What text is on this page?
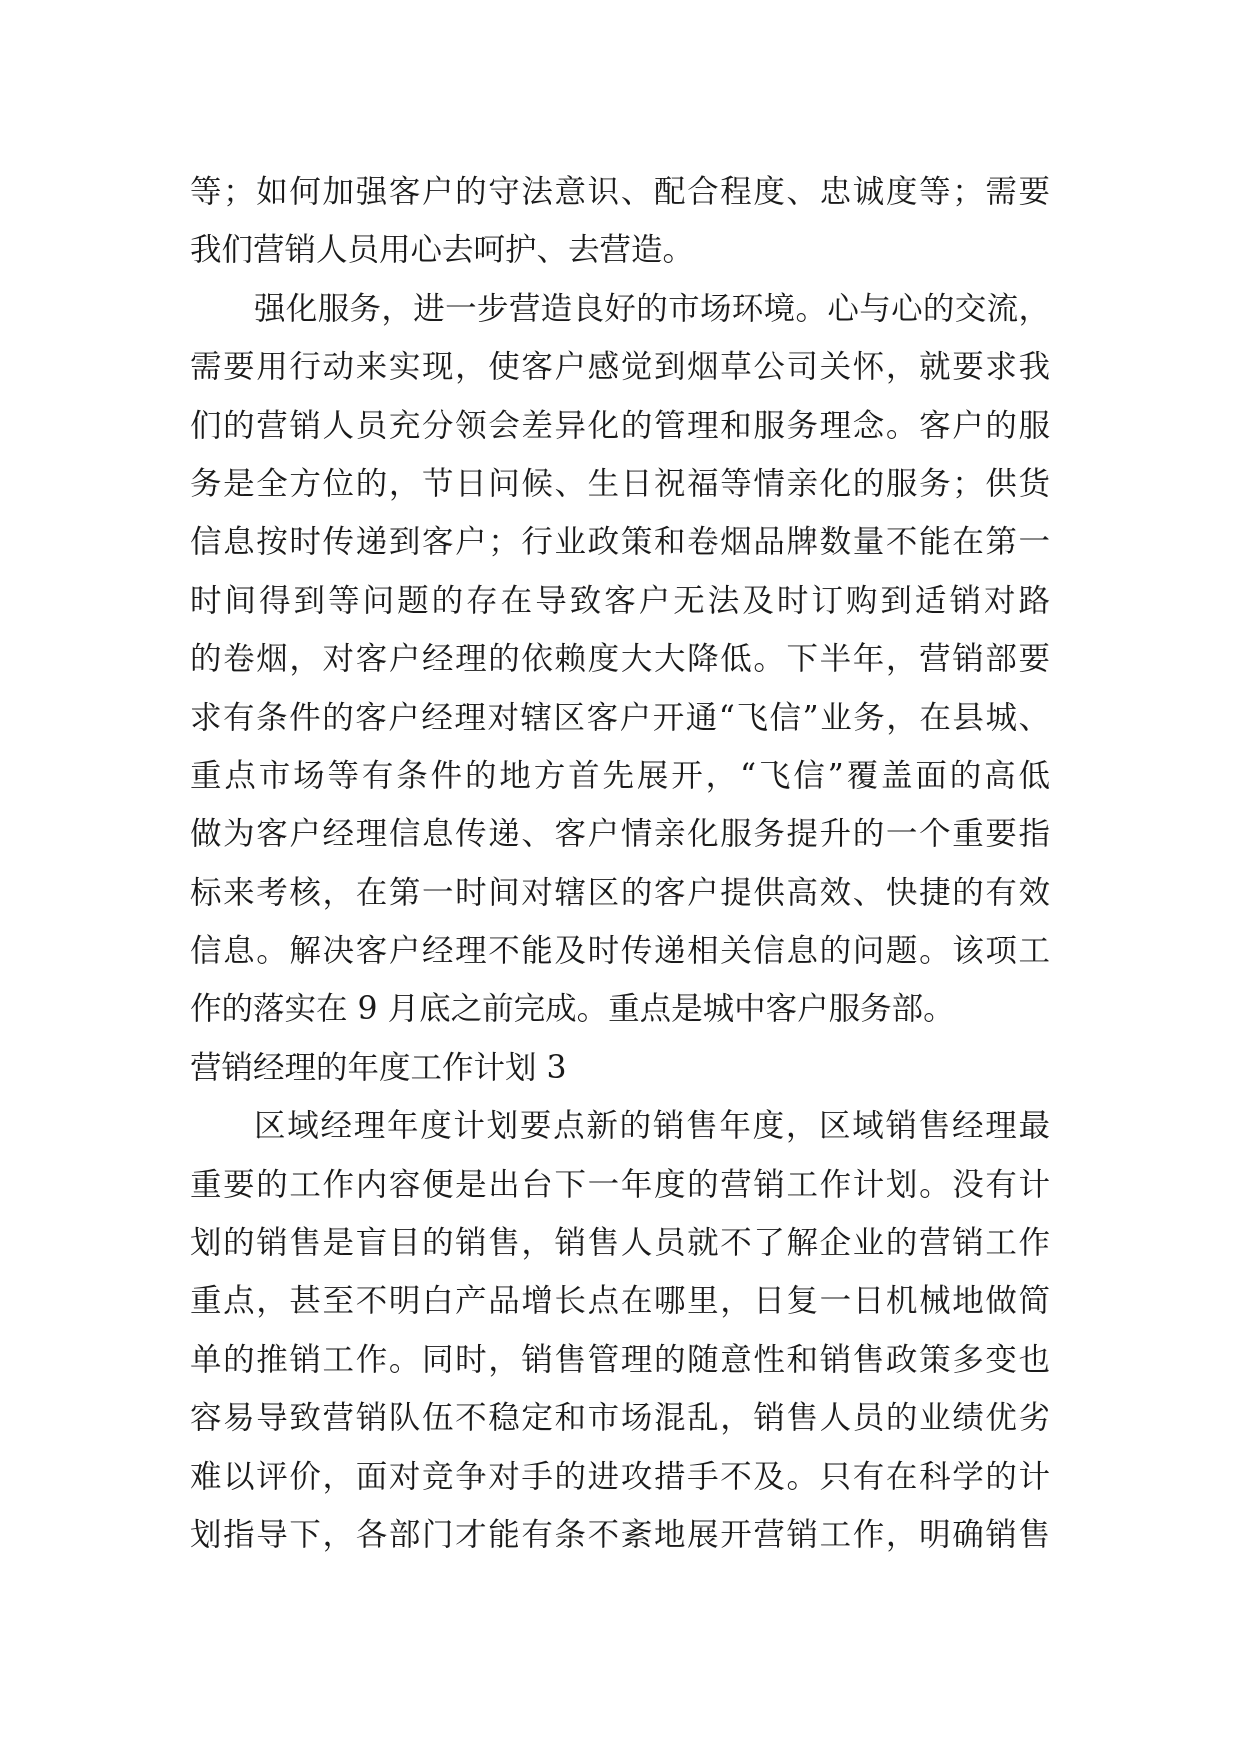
等；如何加强客户的守法意识、配合程度、忠诚度等；需要
我们营销人员用心去呵护、去营造。
强化服务，进一步营造良好的市场环境。心与心的交流，
需要用行动来实现，使客户感觉到烟草公司关怀，就要求我
们的营销人员充分领会差异化的管理和服务理念。客户的服
务是全方位的，节日问候、生日祝福等情亲化的服务；供货
信息按时传递到客户；行业政策和卷烟品牌数量不能在第一
时间得到等问题的存在导致客户无法及时订购到适销对路
的卷烟，对客户经理的依赖度大大降低。下半年，营销部要
求有条件的客户经理对辖区客户开通“飞信”业务，在县城、
重点市场等有条件的地方首先展开，“飞信”覆盖面的高低
做为客户经理信息传递、客户情亲化服务提升的一个重要指
标来考核，在第一时间对辖区的客户提供高效、快捷的有效
信息。解决客户经理不能及时传递相关信息的问题。该项工
作的落实在 9 月底之前完成。重点是城中客户服务部。
营销经理的年度工作计划 3
区域经理年度计划要点新的销售年度，区域销售经理最
重要的工作内容便是出台下一年度的营销工作计划。没有计
划的销售是盲目的销售，销售人员就不了解企业的营销工作
重点，甚至不明白产品增长点在哪里，日复一日机械地做简
单的推销工作。同时，销售管理的随意性和销售政策多变也
容易导致营销队伍不稳定和市场混乱，销售人员的业绩优劣
难以评价，面对竞争对手的进攻措手不及。只有在科学的计
划指导下，各部门才能有条不紊地展开营销工作，明确销售
